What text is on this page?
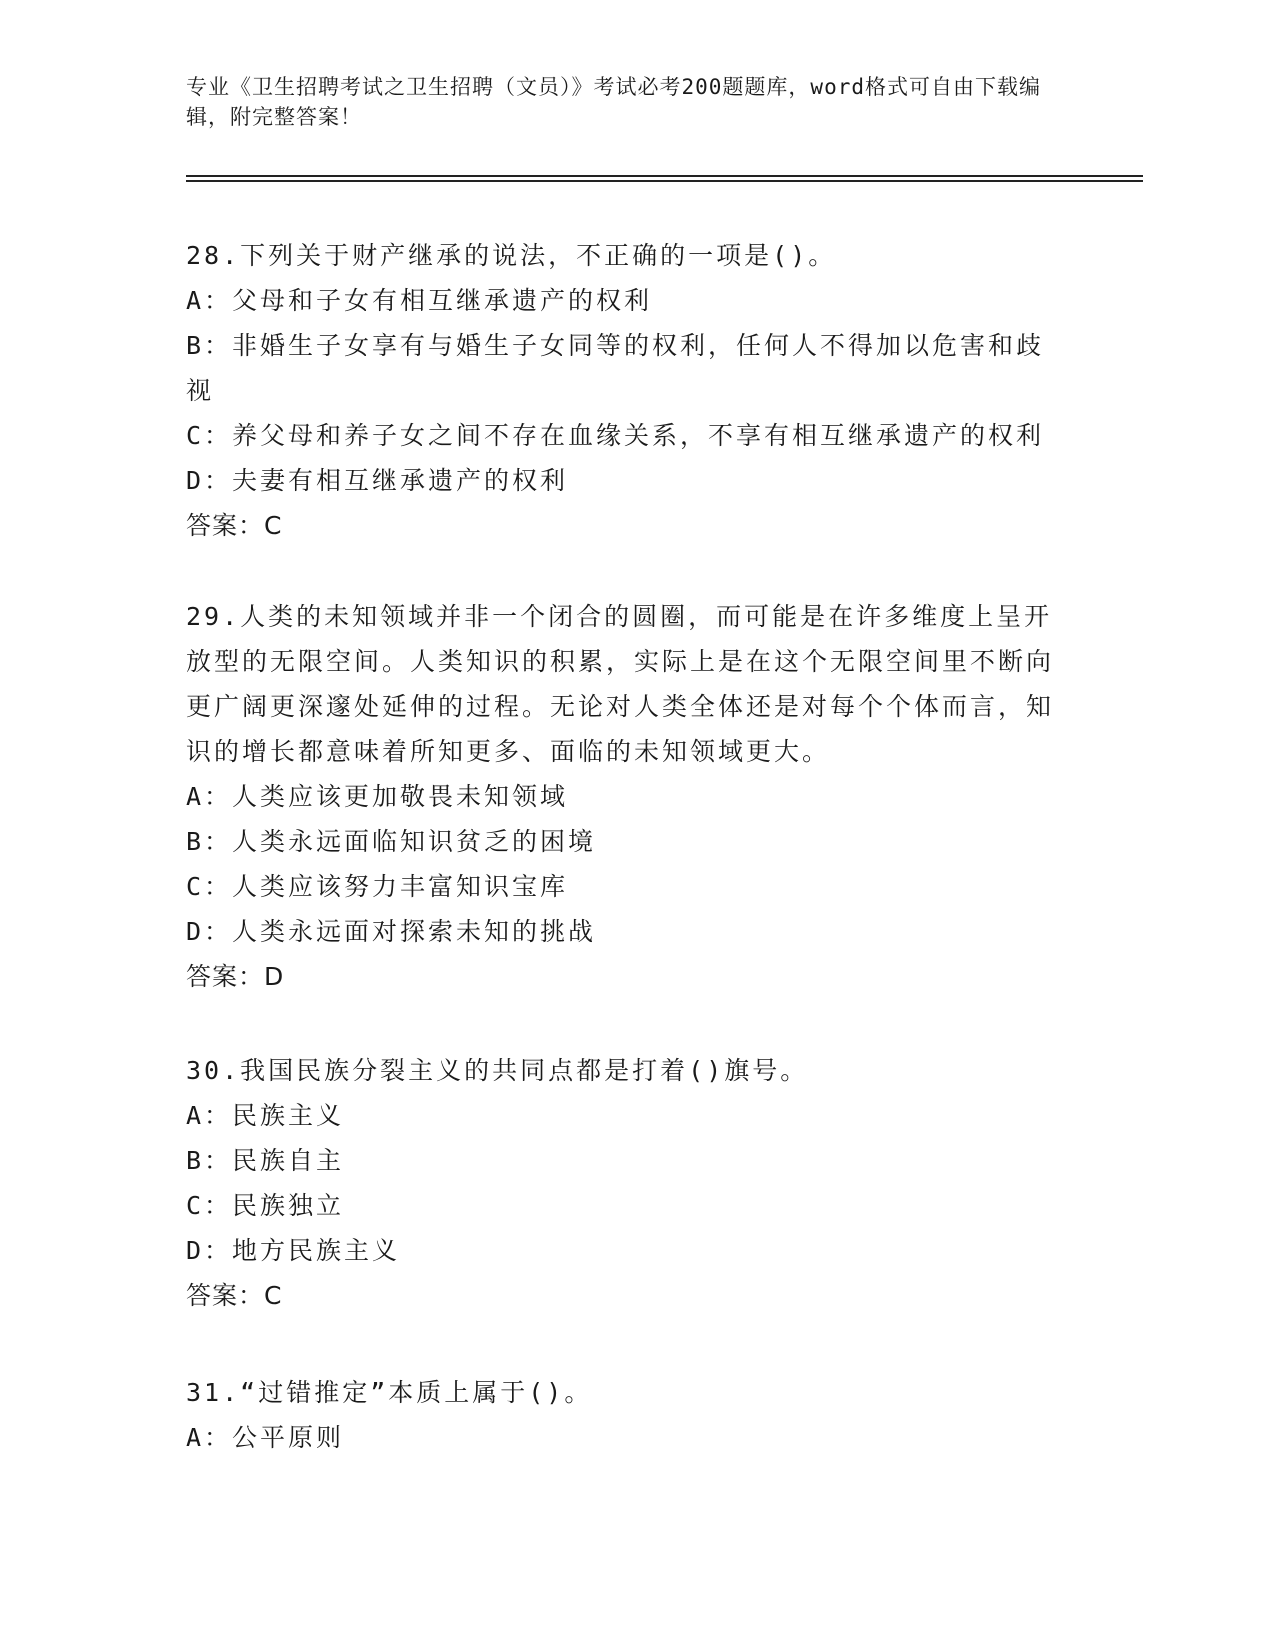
专业《卫生招聘考试之卫生招聘（文员）》考试必考200题题库，word格式可自由下载编辑，附完整答案！

28.下列关于财产继承的说法，不正确的一项是()。

A：父母和子女有相互继承遗产的权利

B：非婚生子女享有与婚生子女同等的权利，任何人不得加以危害和歧视

C：养父母和养子女之间不存在血缘关系，不享有相互继承遗产的权利

D：夫妻有相互继承遗产的权利

答案：C

29.人类的未知领域并非一个闭合的圆圈，而可能是在许多维度上呈开放型的无限空间。人类知识的积累，实际上是在这个无限空间里不断向更广阔更深邃处延伸的过程。无论对人类全体还是对每个个体而言，知识的增长都意味着所知更多、面临的未知领域更大。

A：人类应该更加敬畏未知领域

B：人类永远面临知识贫乏的困境

C：人类应该努力丰富知识宝库

D：人类永远面对探索未知的挑战

答案：D

30.我国民族分裂主义的共同点都是打着()旗号。

A：民族主义

B：民族自主

C：民族独立

D：地方民族主义

答案：C

31.“过错推定”本质上属于()。

A：公平原则
